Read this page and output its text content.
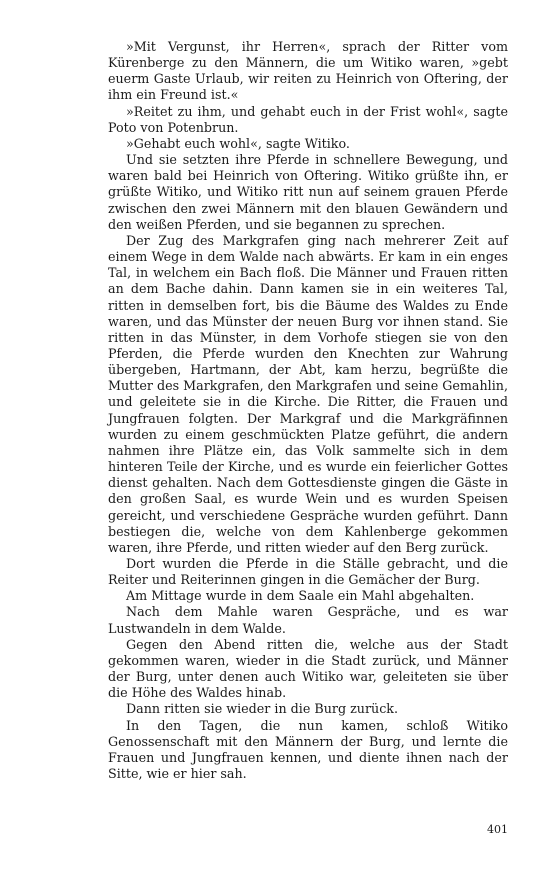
»Mit Vergunst, ihr Herren«, sprach der Ritter vom Kürenberge zu den Männern, die um Witiko waren, »gebt euerm Gaste Urlaub, wir reiten zu Heinrich von Oftering, der ihm ein Freund ist.«

»Reitet zu ihm, und gehabt euch in der Frist wohl«, sagte Poto von Potenbrun.

»Gehabt euch wohl«, sagte Witiko.

Und sie setzten ihre Pferde in schnellere Bewegung, und waren bald bei Heinrich von Oftering. Witiko grüßte ihn, er grüßte Witiko, und Witiko ritt nun auf seinem grauen Pferde zwischen den zwei Männern mit den blauen Gewändern und den weißen Pferden, und sie begannen zu sprechen.

Der Zug des Markgrafen ging nach mehrerer Zeit auf einem Wege in dem Walde nach abwärts. Er kam in ein enges Tal, in welchem ein Bach floß. Die Männer und Frauen ritten an dem Bache dahin. Dann kamen sie in ein weiteres Tal, ritten in demselben fort, bis die Bäume des Waldes zu Ende waren, und das Münster der neuen Burg vor ihnen stand. Sie ritten in das Münster, in dem Vorhofe stiegen sie von den Pferden, die Pferde wurden den Knechten zur Wahrung übergeben, Hartmann, der Abt, kam herzu, begrüßte die Mutter des Markgrafen, den Markgrafen und seine Gemahlin, und geleitete sie in die Kirche. Die Ritter, die Frauen und Jungfrauen folgten. Der Markgraf und die Markgräfinnen wurden zu einem geschmückten Platze geführt, die andern nahmen ihre Plätze ein, das Volk sammelte sich in dem hinteren Teile der Kirche, und es wurde ein feierlicher Gottes dienst gehalten. Nach dem Gottesdienste gingen die Gäste in den großen Saal, es wurde Wein und es wurden Speisen gereicht, und verschiedene Gespräche wurden geführt. Dann bestiegen die, welche von dem Kahlenberge gekommen waren, ihre Pferde, und ritten wieder auf den Berg zurück.

Dort wurden die Pferde in die Ställe gebracht, und die Reiter und Reiterinnen gingen in die Gemächer der Burg.

Am Mittage wurde in dem Saale ein Mahl abgehalten.

Nach dem Mahle waren Gespräche, und es war Lustwandeln in dem Walde.

Gegen den Abend ritten die, welche aus der Stadt gekommen waren, wieder in die Stadt zurück, und Männer der Burg, unter denen auch Witiko war, geleiteten sie über die Höhe des Waldes hinab.

Dann ritten sie wieder in die Burg zurück.

In den Tagen, die nun kamen, schloß Witiko Genossenschaft mit den Männern der Burg, und lernte die Frauen und Jungfrauen kennen, und diente ihnen nach der Sitte, wie er hier sah.

401
